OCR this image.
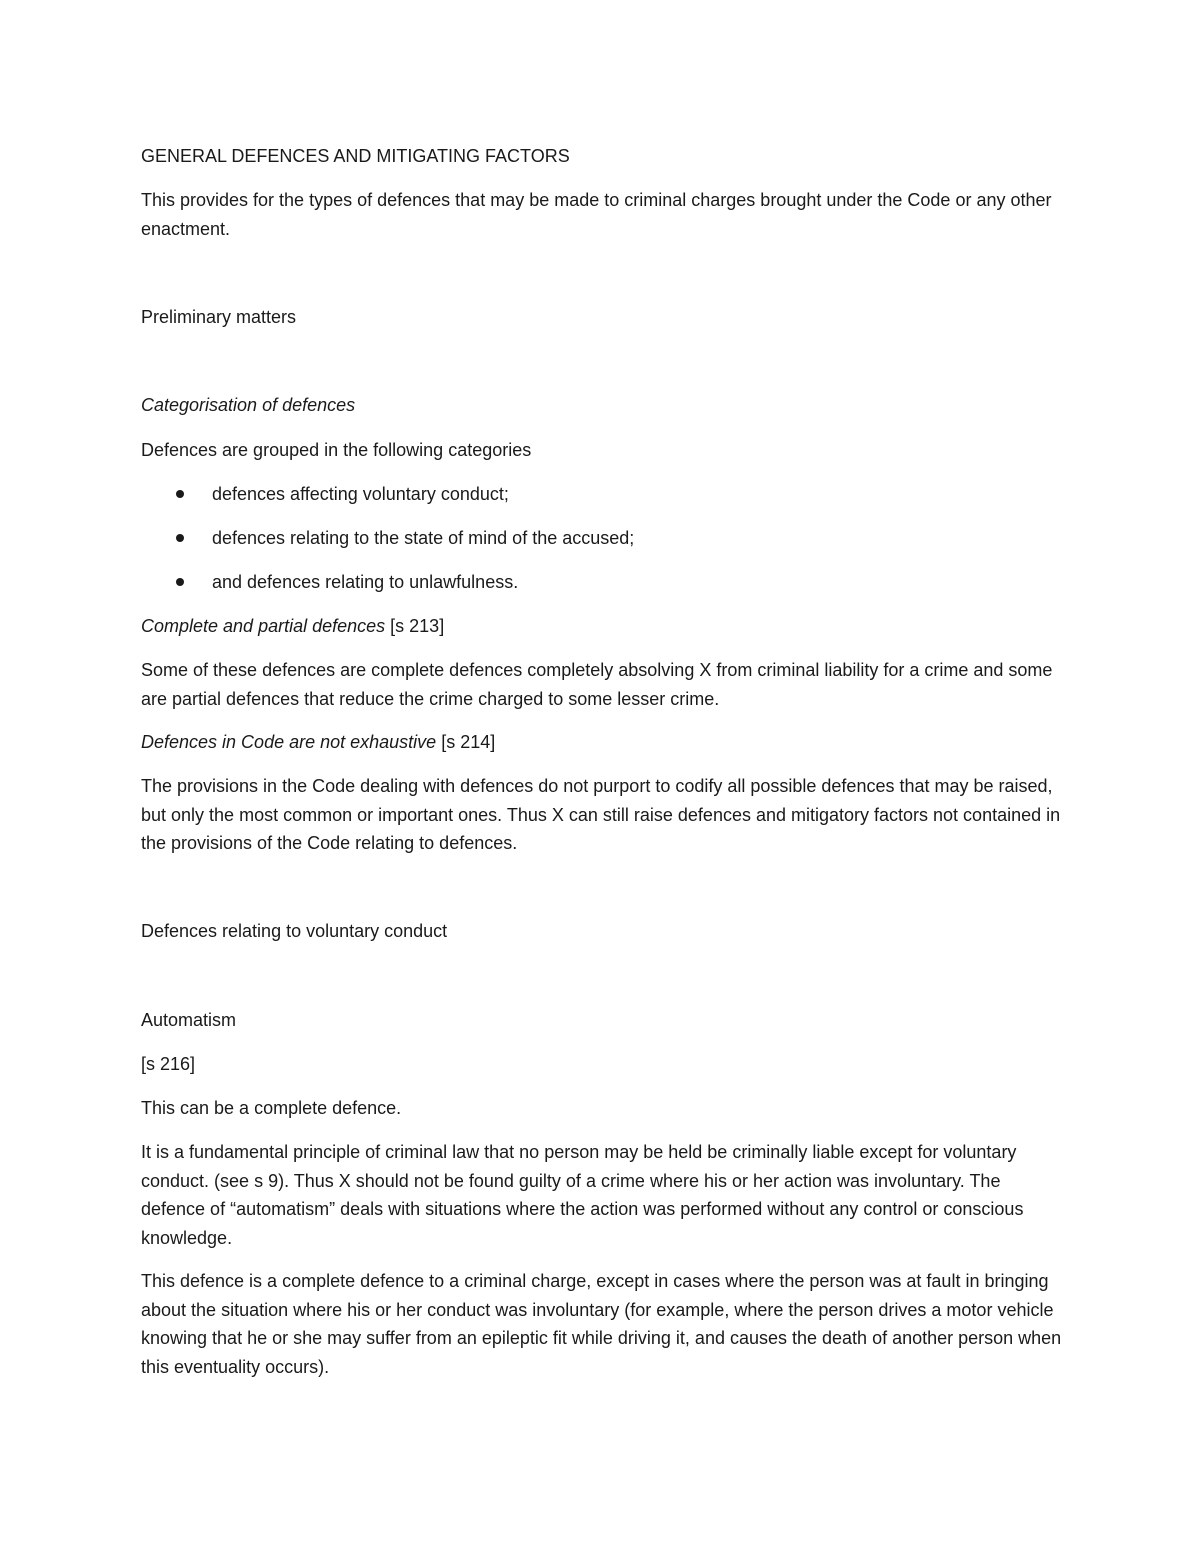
GENERAL DEFENCES AND MITIGATING FACTORS

This provides for the types of defences that may be made to criminal charges brought under the Code or any other enactment.

Preliminary matters

Categorisation of defences

Defences are grouped in the following categories

defences affecting voluntary conduct;
defences relating to the state of mind of the accused;
and defences relating to unlawfulness.

Complete and partial defences [s 213]

Some of these defences are complete defences completely absolving X from criminal liability for a crime and some are partial defences that reduce the crime charged to some lesser crime.

Defences in Code are not exhaustive [s 214]

The provisions in the Code dealing with defences do not purport to codify all possible defences that may be raised, but only the most common or important ones. Thus X can still raise defences and mitigatory factors not contained in the provisions of the Code relating to defences.

Defences relating to voluntary conduct

Automatism

[s 216]

This can be a complete defence.

It is a fundamental principle of criminal law that no person may be held be criminally liable except for voluntary conduct. (see s 9). Thus X should not be found guilty of a crime where his or her action was involuntary. The defence of “automatism” deals with situations where the action was performed without any control or conscious knowledge.

This defence is a complete defence to a criminal charge, except in cases where the person was at fault in bringing about the situation where his or her conduct was involuntary (for example, where the person drives a motor vehicle knowing that he or she may suffer from an epileptic fit while driving it, and causes the death of another person when this eventuality occurs).
